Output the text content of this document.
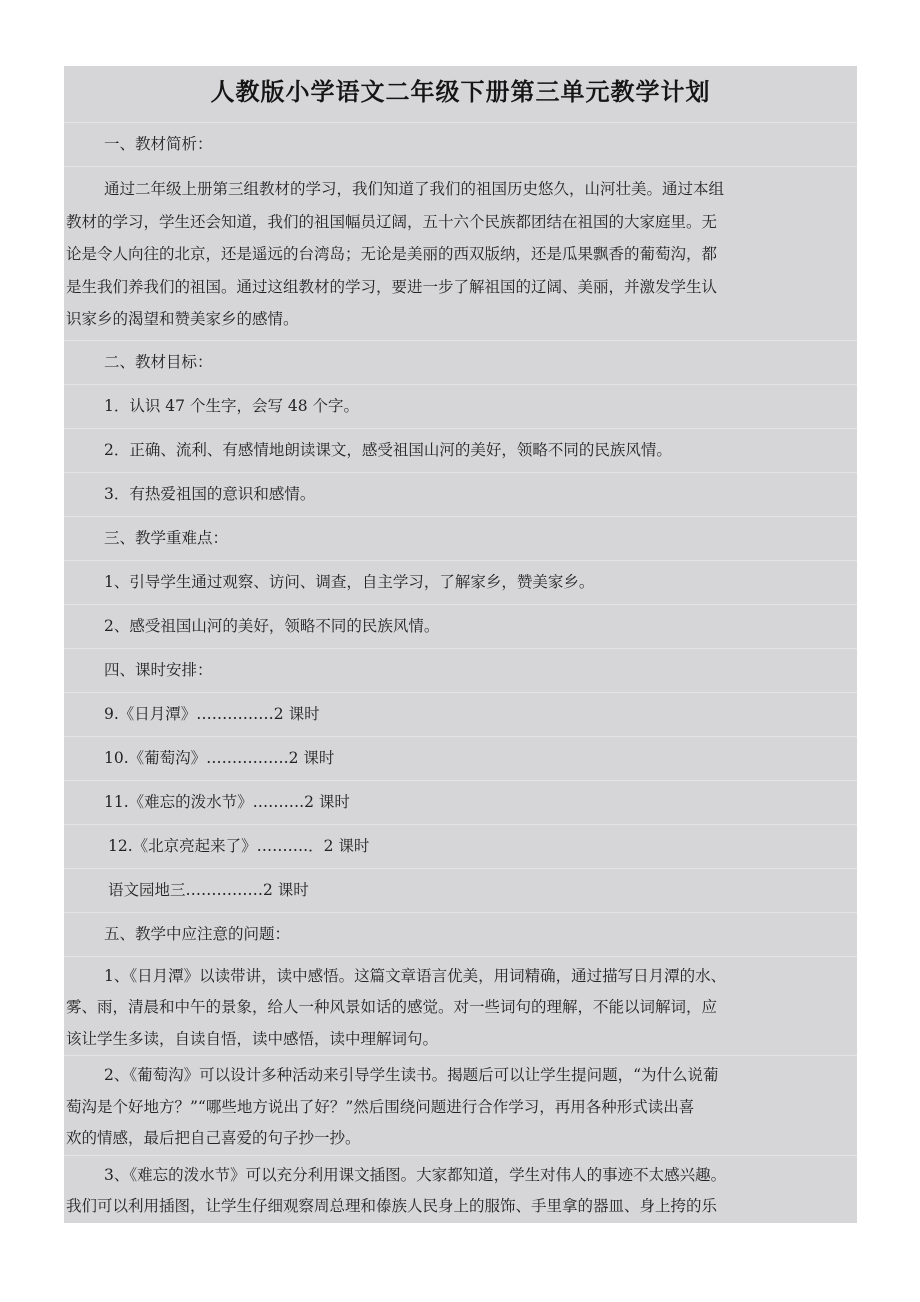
人教版小学语文二年级下册第三单元教学计划
一、教材简析：
通过二年级上册第三组教材的学习，我们知道了我们的祖国历史悠久，山河壮美。通过本组
教材的学习，学生还会知道，我们的祖国幅员辽阔，五十六个民族都团结在祖国的大家庭里。无
论是令人向往的北京，还是遥远的台湾岛；无论是美丽的西双版纳，还是瓜果飘香的葡萄沟，都
是生我们养我们的祖国。通过这组教材的学习，要进一步了解祖国的辽阔、美丽，并激发学生认
识家乡的渴望和赞美家乡的感情。
二、教材目标：
1．认识 47 个生字，会写 48 个字。
2．正确、流利、有感情地朗读课文，感受祖国山河的美好，领略不同的民族风情。
3．有热爱祖国的意识和感情。
三、教学重难点：
1、引导学生通过观察、访问、调查，自主学习，了解家乡，赞美家乡。
2、感受祖国山河的美好，领略不同的民族风情。
四、课时安排：
9.《日月潭》……………2 课时
10.《葡萄沟》…………….2 课时
11.《难忘的泼水节》……….2 课时
12.《北京亮起来了》……….．2 课时
语文园地三……………2 课时
五、教学中应注意的问题：
1、《日月潭》以读带讲，读中感悟。这篇文章语言优美，用词精确，通过描写日月潭的水、
雾、雨，清晨和中午的景象，给人一种风景如话的感觉。对一些词句的理解，不能以词解词，应
该让学生多读，自读自悟，读中感悟，读中理解词句。
2、《葡萄沟》可以设计多种活动来引导学生读书。揭题后可以让学生提问题，“为什么说葡
萄沟是个好地方？”“哪些地方说出了好？”然后围绕问题进行合作学习，再用各种形式读出喜
欢的情感，最后把自己喜爱的句子抄一抄。
3、《难忘的泼水节》可以充分利用课文插图。大家都知道，学生对伟人的事迹不太感兴趣。
我们可以利用插图，让学生仔细观察周总理和傣族人民身上的服饰、手里拿的器皿、身上挎的乐
